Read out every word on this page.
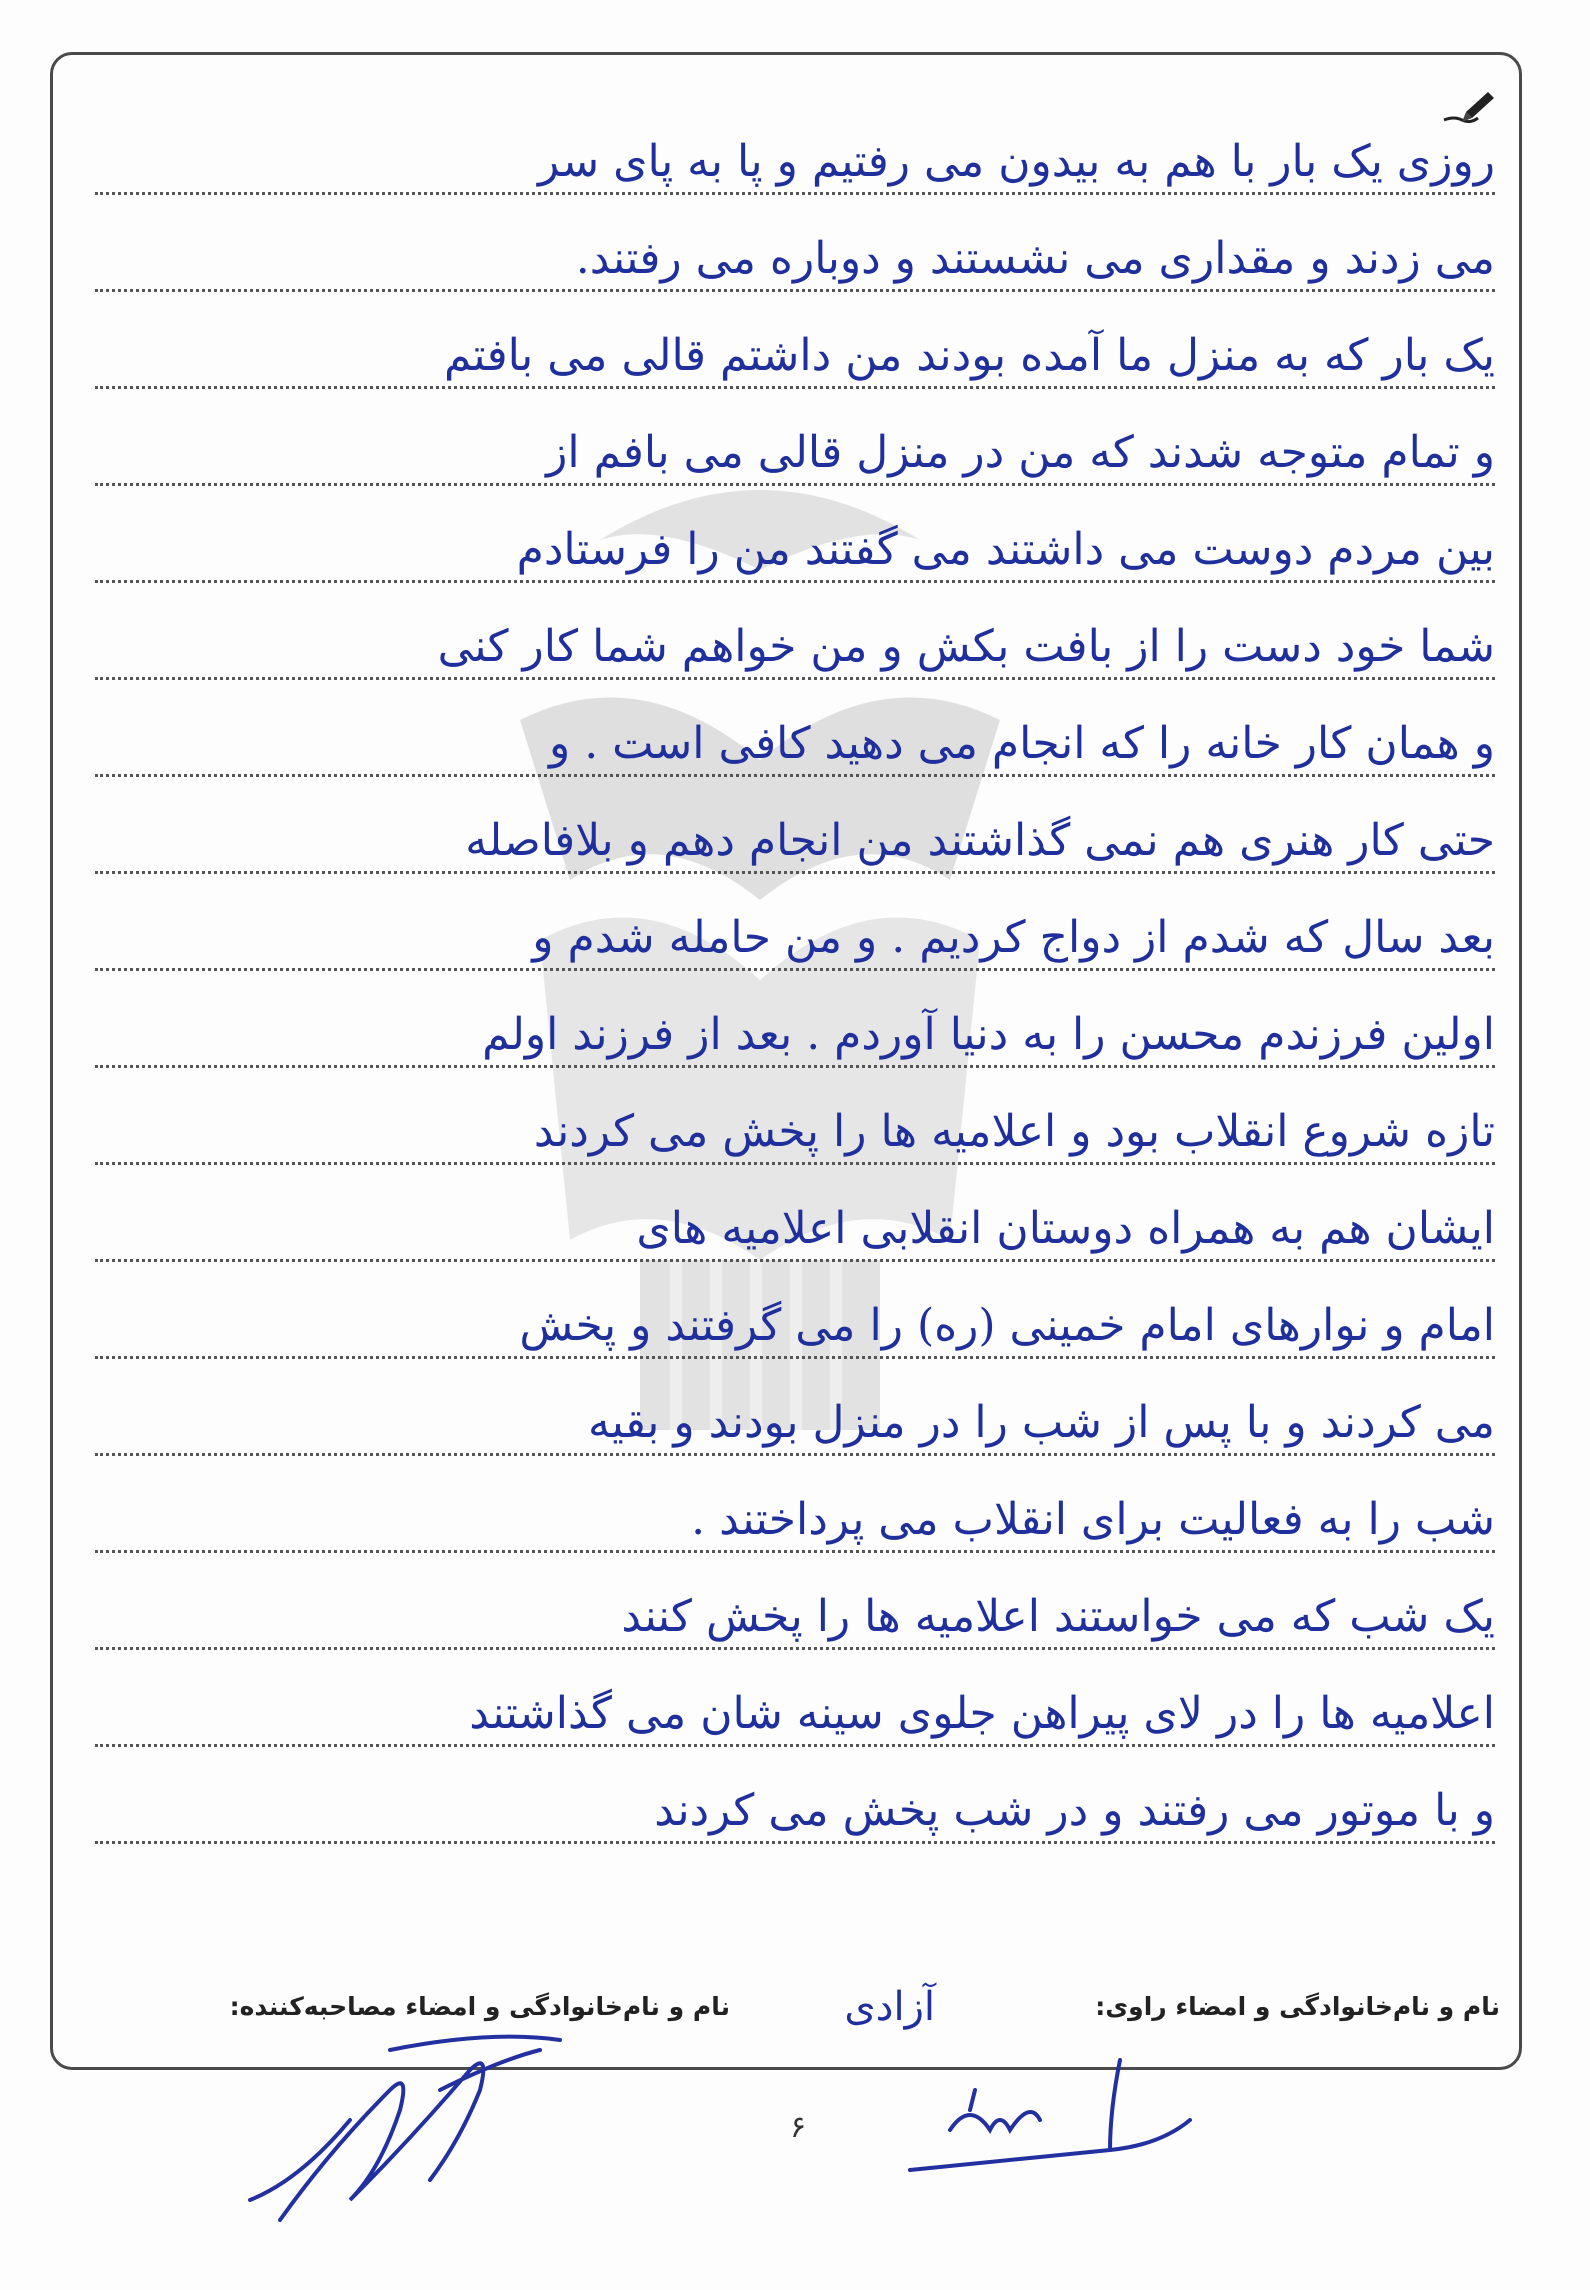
روزی یک بار با هم به بیدون می رفتیم و پا به پای سر
می زدند و مقداری می نشستند و دوباره می رفتند.
یک بار که به منزل ما آمده بودند من داشتم قالی می بافتم
و تمام متوجه شدند که من در منزل قالی می بافم از
بین مردم دوست می داشتند می گفتند من را فرستادم
شما خود دست را از بافت بکش و من خواهم شما کار کنی
و همان کار خانه را که انجام می دهید کافی است . و
حتی کار هنری هم نمی گذاشتند من انجام دهم و بلافاصله
بعد سال که شدم از دواج کردیم . و من حامله شدم و
اولین فرزندم محسن را به دنیا آوردم . بعد از فرزند اولم
تازه شروع انقلاب بود و اعلامیه ها را پخش می کردند
ایشان هم به همراه دوستان انقلابی اعلامیه های
امام و نوارهای امام خمینی (ره) را می گرفتند و پخش
می کردند و با پس از شب را در منزل بودند و بقیه
شب را به فعالیت برای انقلاب می پرداختند .
یک شب که می خواستند اعلامیه ها را پخش کنند
اعلامیه ها را در لای پیراهن جلوی سینه شان می گذاشتند
و با موتور می رفتند و در شب پخش می کردند
نام و نام‌خانوادگی و امضاء راوی:
آزادی
نام و نام‌خانوادگی و امضاء مصاحبه‌کننده:
۶
